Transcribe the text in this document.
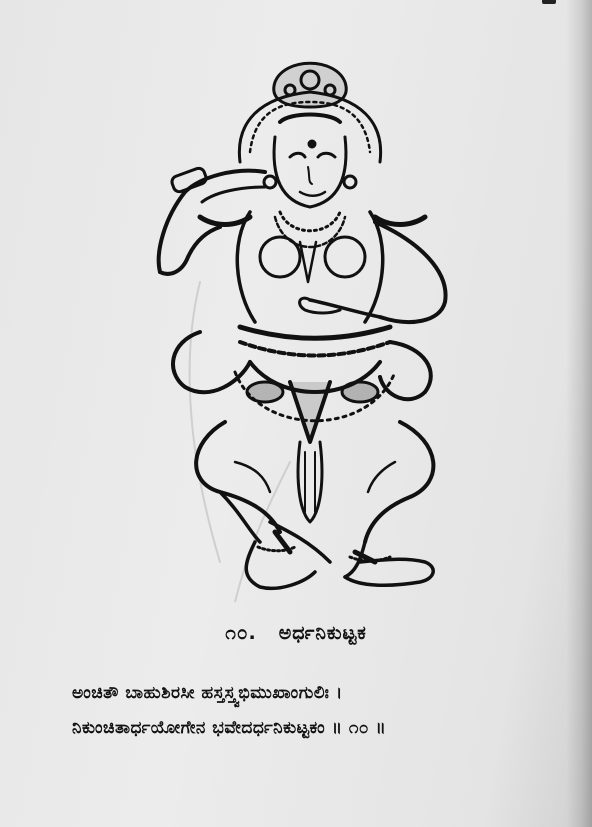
೧೦. ಅರ್ಧನಿಕುಟ್ಟಕ
ಅಂಚಿತೌ ಬಾಹುಶಿರಸೀ ಹಸ್ತಸ್ತ್ವಭಿಮುಖಾಂಗುಲಿಃ ।
ನಿಕುಂಚಿತಾರ್ಧಯೋಗೇನ ಭವೇದರ್ಧನಿಕುಟ್ಟಕಂ ॥ ೧೦ ॥
